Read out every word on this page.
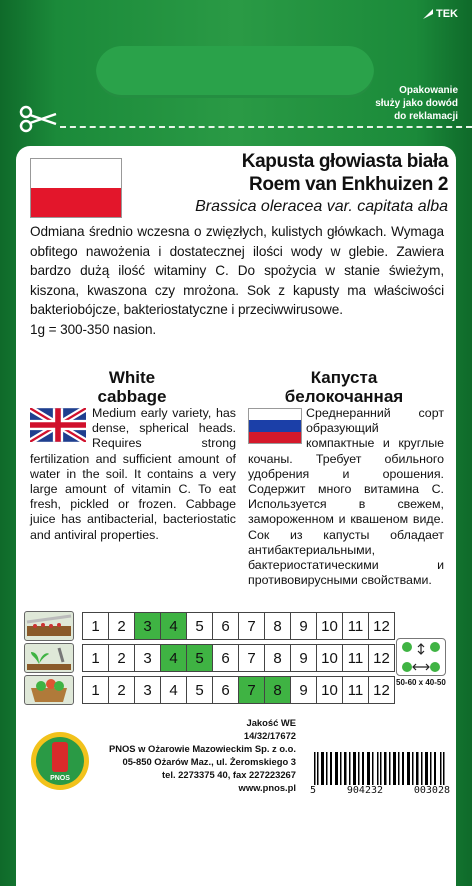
TEK
Opakowanie
służy jako dowód
do reklamacji
Kapusta głowiasta biała
Roem van Enkhuizen 2
Brassica oleracea var. capitata alba
Odmiana średnio wczesna o zwięzłych, kulistych główkach. Wymaga obfitego nawożenia i dostatecznej ilości wody w glebie. Zawiera bardzo dużą ilość witaminy C. Do spożycia w stanie świeżym, kiszona, kwaszona czy mrożona. Sok z kapusty ma właściwości bakteriobójcze, bakteriostatyczne i przeciwwirusowe.
1g = 300-350 nasion.
White
cabbage
Капуста
белокочанная
Medium early variety, has dense, spherical heads. Requires strong fertilization and sufficient amount of water in the soil. It contains a very large amount of vitamin C. To eat fresh, pickled or frozen. Cabbage juice has antibacterial, bacteriostatic and antiviral properties.
Среднеранний сорт образующий компактные и круглые кочаны. Требует обильного удобрения и орошения. Содержит много витамина С. Используется в свежем, замороженном и квашеном виде. Сок из капусты обладает антибактериальными, бактериостатическими и противовирусными свойствами.
1	2	3	4	5	6	7	8	9 10 11 12
1	2	3	4	5	6	7	8	9 10 11 12
1	2	3	4	5	6	7	8	9 10 11 12 50-60 x 40-50
PNOS
Jakość WE
14/32/17672
PNOS w Ożarowie Mazowieckim Sp. z o.o.
05-850 Ożarów Maz., ul. Żeromskiego 3
tel. 2273375 40, fax 227223267
www.pnos.pl 5	904232	003028
